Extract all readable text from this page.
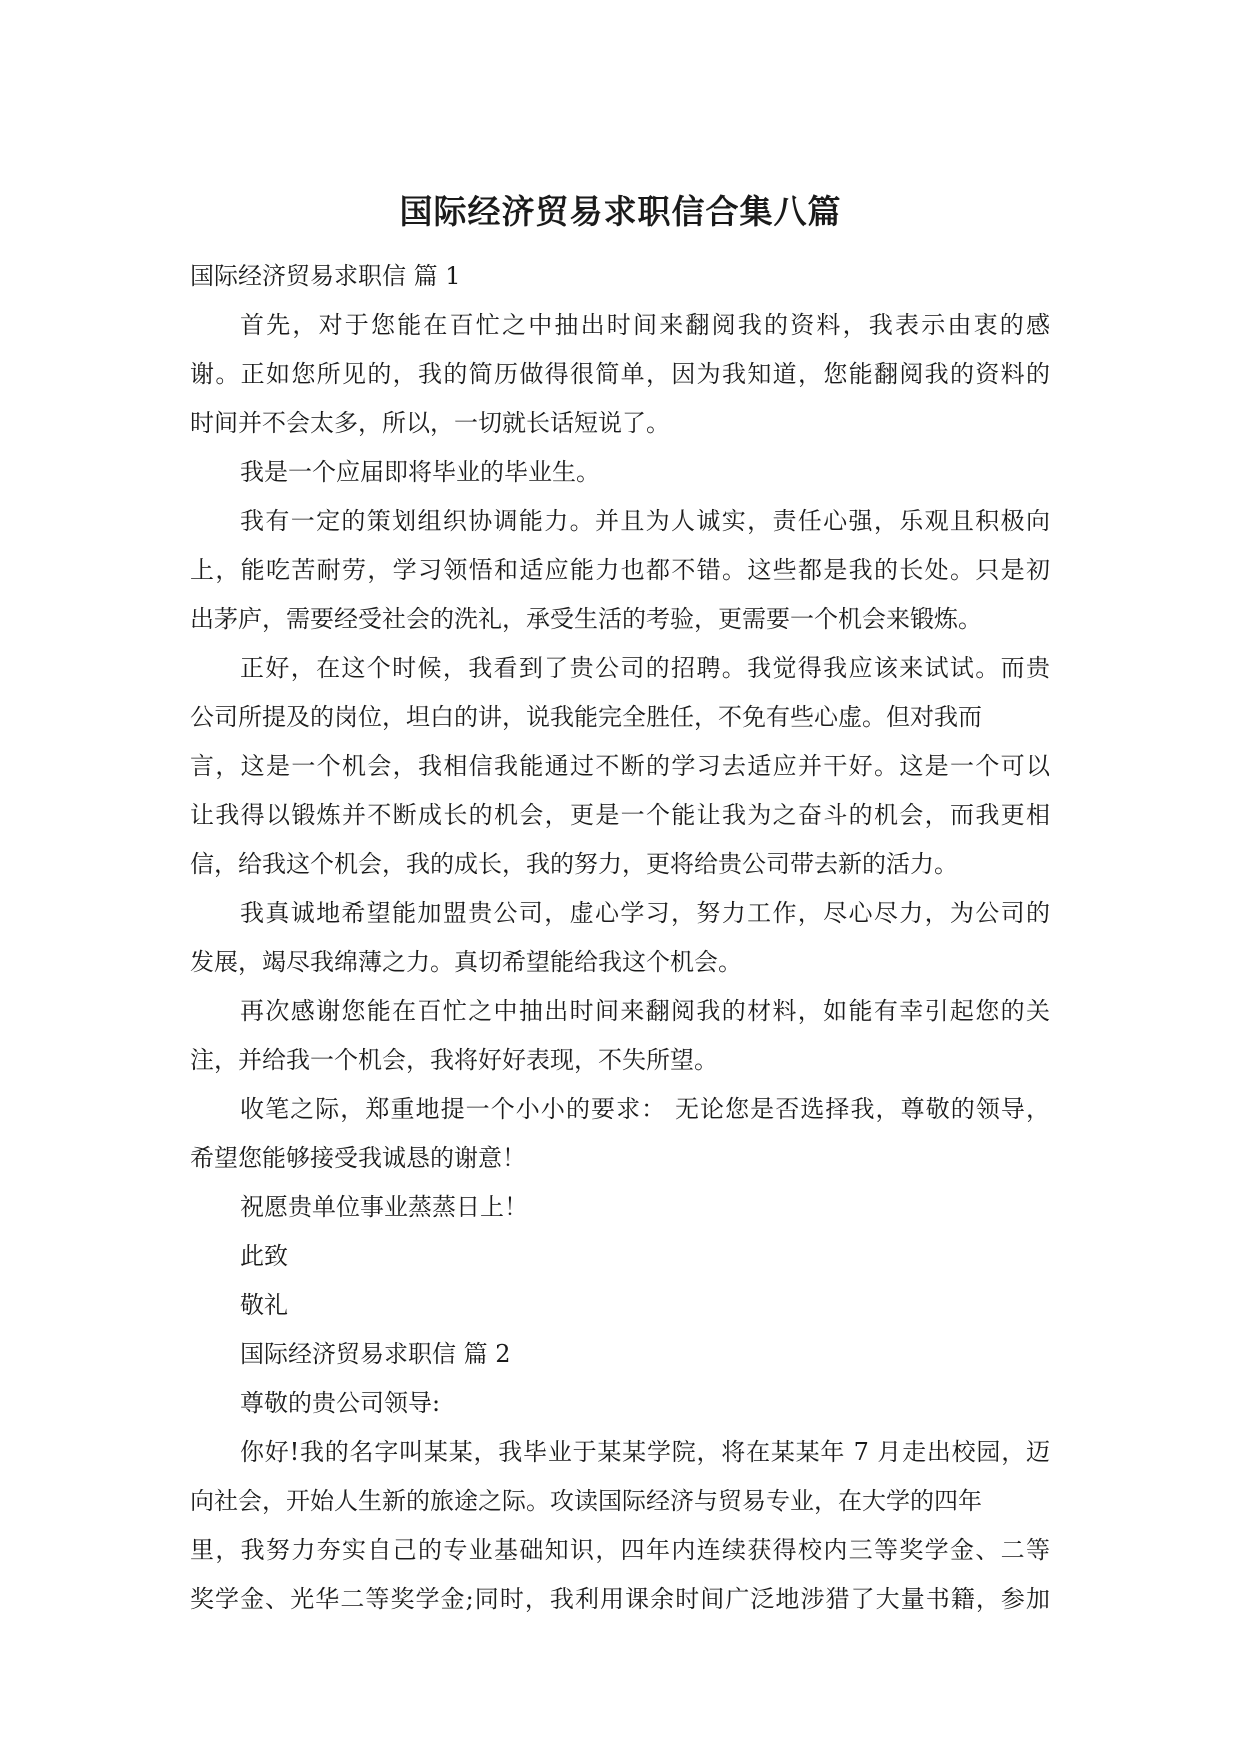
国际经济贸易求职信合集八篇

国际经济贸易求职信 篇 1

首先，对于您能在百忙之中抽出时间来翻阅我的资料，我表示由衷的感
谢。正如您所见的，我的简历做得很简单，因为我知道，您能翻阅我的资料的
时间并不会太多，所以，一切就长话短说了。
我是一个应届即将毕业的毕业生。
我有一定的策划组织协调能力。并且为人诚实，责任心强，乐观且积极向
上，能吃苦耐劳，学习领悟和适应能力也都不错。这些都是我的长处。只是初
出茅庐，需要经受社会的洗礼，承受生活的考验，更需要一个机会来锻炼。
正好，在这个时候，我看到了贵公司的招聘。我觉得我应该来试试。而贵
公司所提及的岗位，坦白的讲，说我能完全胜任，不免有些心虚。但对我而
言，这是一个机会，我相信我能通过不断的学习去适应并干好。这是一个可以
让我得以锻炼并不断成长的机会，更是一个能让我为之奋斗的机会，而我更相
信，给我这个机会，我的成长，我的努力，更将给贵公司带去新的活力。
我真诚地希望能加盟贵公司，虚心学习，努力工作，尽心尽力，为公司的
发展，竭尽我绵薄之力。真切希望能给我这个机会。
再次感谢您能在百忙之中抽出时间来翻阅我的材料，如能有幸引起您的关
注，并给我一个机会，我将好好表现，不失所望。
收笔之际，郑重地提一个小小的要求： 无论您是否选择我，尊敬的领导，
希望您能够接受我诚恳的谢意！
祝愿贵单位事业蒸蒸日上！
此致
敬礼

国际经济贸易求职信 篇 2

尊敬的贵公司领导:
你好!我的名字叫某某，我毕业于某某学院，将在某某年 7 月走出校园，迈
向社会，开始人生新的旅途之际。攻读国际经济与贸易专业，在大学的四年
里，我努力夯实自己的专业基础知识，四年内连续获得校内三等奖学金、二等
奖学金、光华二等奖学金;同时，我利用课余时间广泛地涉猎了大量书籍，参加
